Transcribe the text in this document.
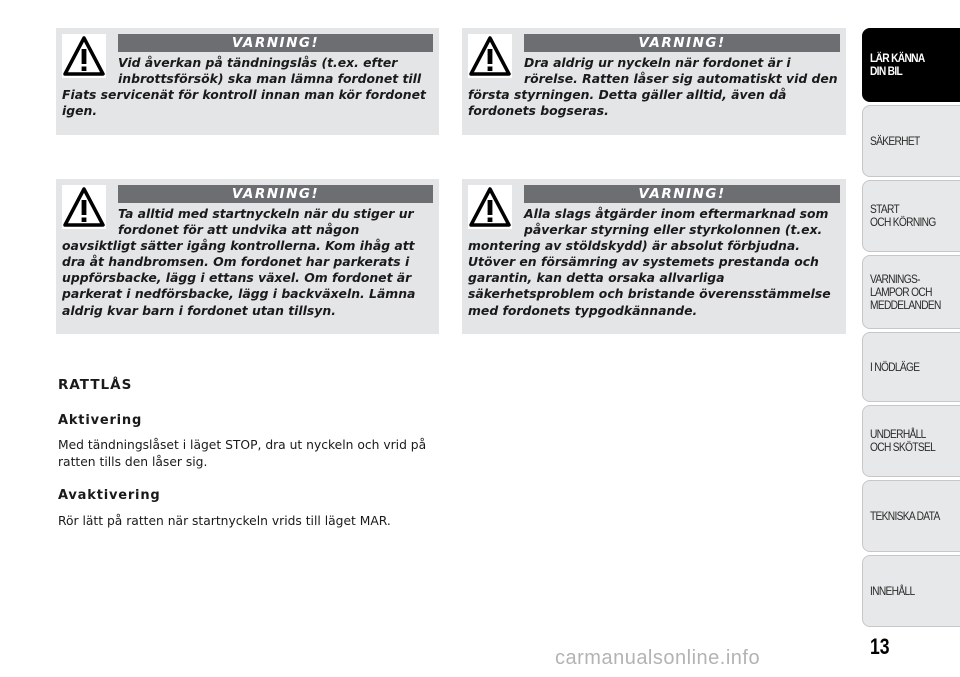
VARNING!

Vid åverkan på tändningslås (t.ex. efter inbrottsförsök) ska man lämna fordonet till Fiats servicenät för kontroll innan man kör fordonet igen.

VARNING!

Dra aldrig ur nyckeln när fordonet är i rörelse. Ratten låser sig automatiskt vid den första styrningen. Detta gäller alltid, även då fordonets bogseras.

VARNING!

Ta alltid med startnyckeln när du stiger ur fordonet för att undvika att någon oavsiktligt sätter igång kontrollerna. Kom ihåg att dra åt handbromsen. Om fordonet har parkerats i uppförsbacke, lägg i ettans växel. Om fordonet är parkerat i nedförsbacke, lägg i backväxeln. Lämna aldrig kvar barn i fordonet utan tillsyn.

VARNING!

Alla slags åtgärder inom eftermarknad som påverkar styrning eller styrkolonnen (t.ex. montering av stöldskydd) är absolut förbjudna. Utöver en försämring av systemets prestanda och garantin, kan detta orsaka allvarliga säkerhetsproblem och bristande överensstämmelse med fordonets typgodkännande.

RATTLÅS
Aktivering

Med tändningslåset i läget STOP, dra ut nyckeln och vrid på ratten tills den låser sig.

Avaktivering

Rör lätt på ratten när startnyckeln vrids till läget MAR.

LÄR KÄNNA
DIN BIL
SÄKERHET
START
OCH KÖRNING
VARNINGS-
LAMPOR OCH
MEDDELANDEN
I NÖDLÄGE
UNDERHÅLL
OCH SKÖTSEL
TEKNISKA DATA
INNEHÅLL
13
carmanualsonline.info
